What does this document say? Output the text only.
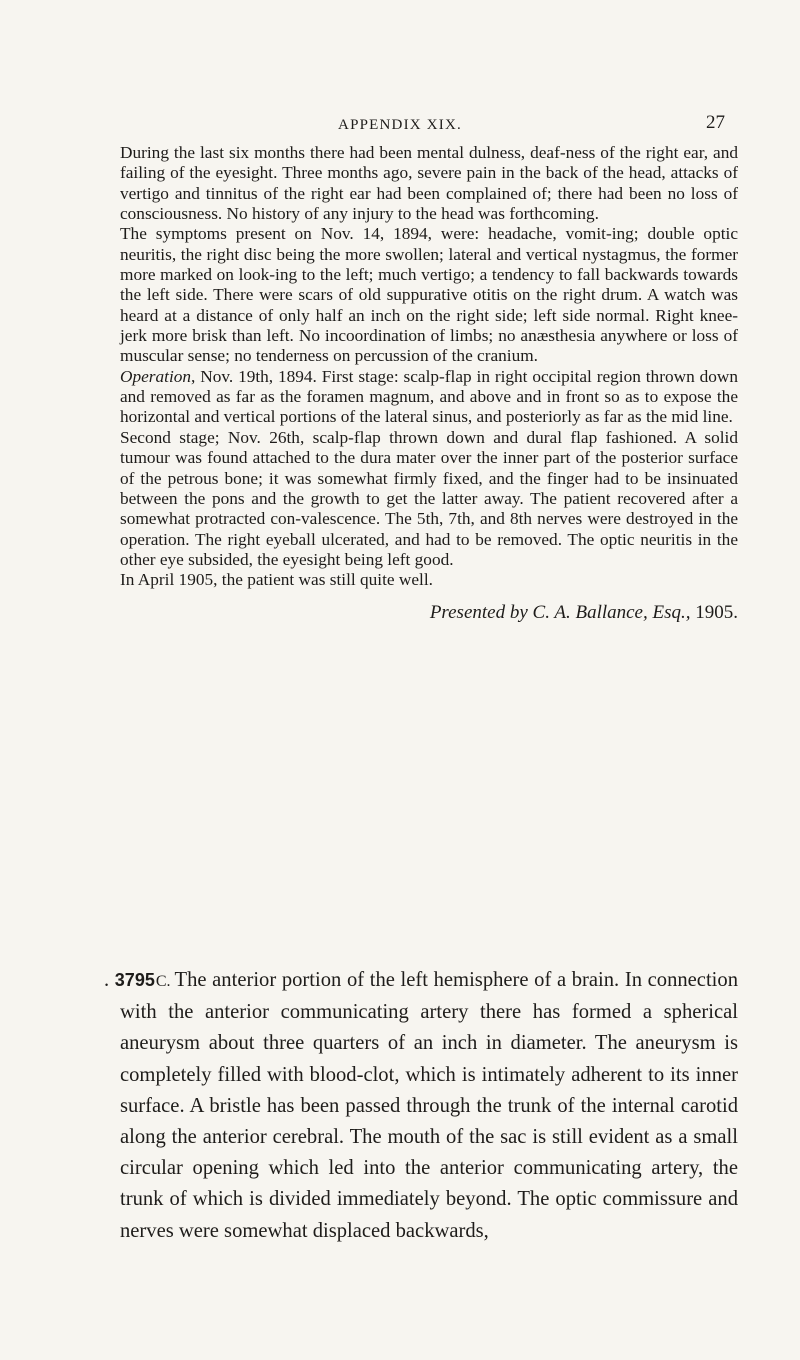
APPENDIX XIX.	27

During the last six months there had been mental dulness, deaf-ness of the right ear, and failing of the eyesight. Three months ago, severe pain in the back of the head, attacks of vertigo and tinnitus of the right ear had been complained of; there had been no loss of consciousness. No history of any injury to the head was forthcoming.

The symptoms present on Nov. 14, 1894, were: headache, vomit-ing; double optic neuritis, the right disc being the more swollen; lateral and vertical nystagmus, the former more marked on look-ing to the left; much vertigo; a tendency to fall backwards towards the left side. There were scars of old suppurative otitis on the right drum. A watch was heard at a distance of only half an inch on the right side; left side normal. Right knee-jerk more brisk than left. No incoordination of limbs; no anæsthesia anywhere or loss of muscular sense; no tenderness on percussion of the cranium.

Operation, Nov. 19th, 1894. First stage: scalp-flap in right occipital region thrown down and removed as far as the foramen magnum, and above and in front so as to expose the horizontal and vertical portions of the lateral sinus, and posteriorly as far as the mid line.

Second stage; Nov. 26th, scalp-flap thrown down and dural flap fashioned. A solid tumour was found attached to the dura mater over the inner part of the posterior surface of the petrous bone; it was somewhat firmly fixed, and the finger had to be insinuated between the pons and the growth to get the latter away. The patient recovered after a somewhat protracted con-valescence. The 5th, 7th, and 8th nerves were destroyed in the operation. The right eyeball ulcerated, and had to be removed. The optic neuritis in the other eye subsided, the eyesight being left good.

In April 1905, the patient was still quite well.

Presented by C. A. Ballance, Esq., 1905.

. 3795C. The anterior portion of the left hemisphere of a brain. In connection with the anterior communicating artery there has formed a spherical aneurysm about three quarters of an inch in diameter. The aneurysm is completely filled with blood-clot, which is intimately adherent to its inner surface. A bristle has been passed through the trunk of the internal carotid along the anterior cerebral. The mouth of the sac is still evident as a small circular opening which led into the anterior communicating artery, the trunk of which is divided immediately beyond. The optic commissure and nerves were somewhat displaced backwards,
